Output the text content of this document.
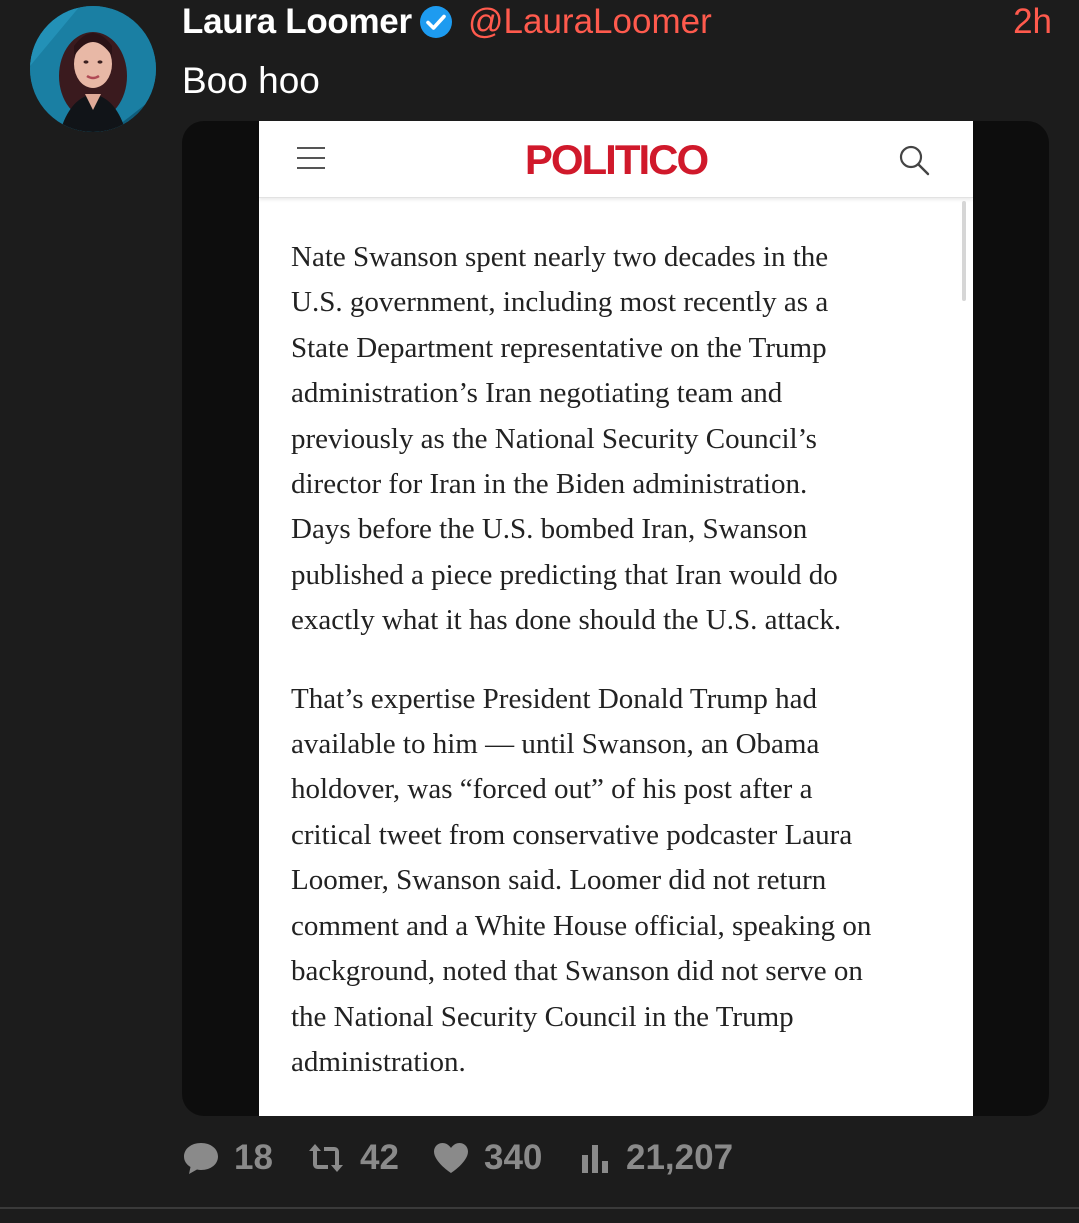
Laura Loomer @LauraLoomer	2h
Boo hoo
POLITICO

Nate Swanson spent nearly two decades in the
U.S. government, including most recently as a
State Department representative on the Trump
administration’s Iran negotiating team and
previously as the National Security Council’s
director for Iran in the Biden administration.
Days before the U.S. bombed Iran, Swanson
published a piece predicting that Iran would do
exactly what it has done should the U.S. attack.

That’s expertise President Donald Trump had
available to him — until Swanson, an Obama
holdover, was “forced out” of his post after a
critical tweet from conservative podcaster Laura
Loomer, Swanson said. Loomer did not return
comment and a White House official, speaking on
background, noted that Swanson did not serve on
the National Security Council in the Trump
administration.

18 42 340 21,207
